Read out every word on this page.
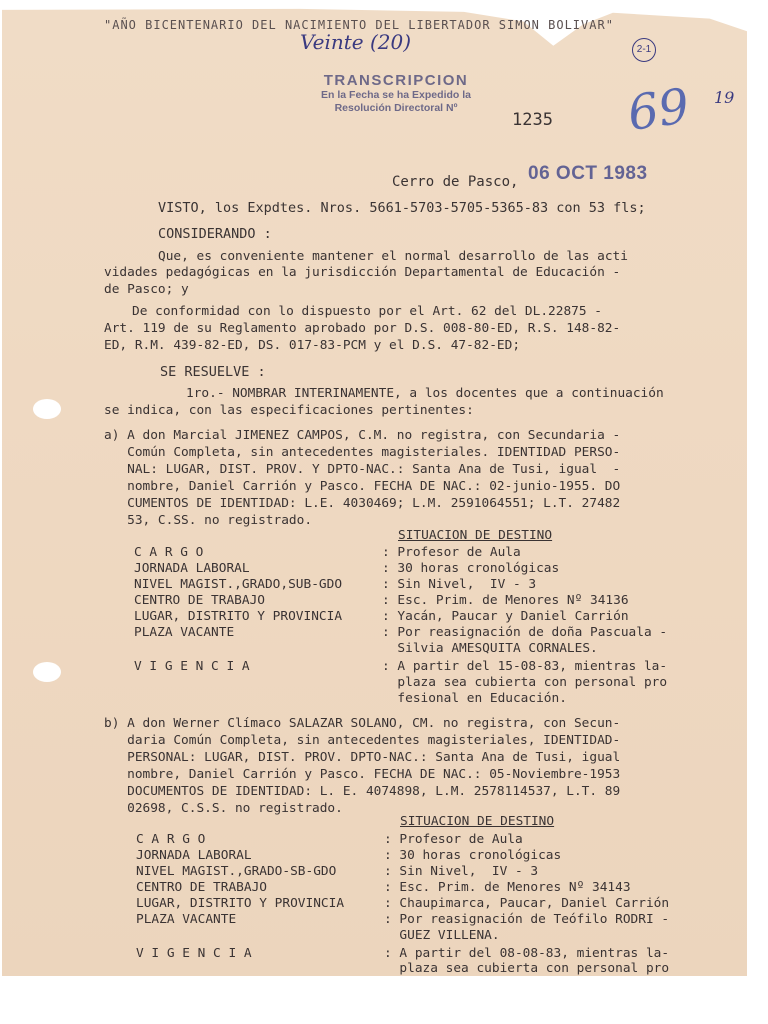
"AÑO BICENTENARIO DEL NACIMIENTO DEL LIBERTADOR SIMON BOLIVAR"
Veinte (20)	2-1
69 19
TRANSCRIPCION
En la Fecha se ha Expedido la
Resolución Directoral Nº
1235
Cerro de Pasco, 06 OCT 1983
VISTO, los Expdtes. Nros. 5661-5703-5705-5365-83 con 53 fls;
CONSIDERANDO :
Que, es conveniente mantener el normal desarrollo de las acti
vidades pedagógicas en la jurisdicción Departamental de Educación -
de Pasco; y
De conformidad con lo dispuesto por el Art. 62 del DL.22875 -
Art. 119 de su Reglamento aprobado por D.S. 008-80-ED, R.S. 148-82-
ED, R.M. 439-82-ED, DS. 017-83-PCM y el D.S. 47-82-ED;
SE RESUELVE :
1ro.- NOMBRAR INTERINAMENTE, a los docentes que a continuación
se indica, con las especificaciones pertinentes:
a) A don Marcial JIMENEZ CAMPOS, C.M. no registra, con Secundaria -
Común Completa, sin antecedentes magisteriales. IDENTIDAD PERSO-
NAL: LUGAR, DIST. PROV. Y DPTO-NAC.: Santa Ana de Tusi, igual  -
nombre, Daniel Carrión y Pasco. FECHA DE NAC.: 02-junio-1955. DO
CUMENTOS DE IDENTIDAD: L.E. 4030469; L.M. 2591064551; L.T. 27482
53, C.SS. no registrado.
SITUACION DE DESTINO
C A R G O
JORNADA LABORAL
NIVEL MAGIST.,GRADO,SUB-GDO
CENTRO DE TRABAJO
LUGAR, DISTRITO Y PROVINCIA
PLAZA VACANTE
V I G E N C I A
: Profesor de Aula
: 30 horas cronológicas
: Sin Nivel,  IV - 3
: Esc. Prim. de Menores Nº 34136
: Yacán, Paucar y Daniel Carrión
: Por reasignación de doña Pascuala -
Silvia AMESQUITA CORNALES.
: A partir del 15-08-83, mientras la-
plaza sea cubierta con personal pro
fesional en Educación.
b) A don Werner Clímaco SALAZAR SOLANO, CM. no registra, con Secun-
daria Común Completa, sin antecedentes magisteriales, IDENTIDAD-
PERSONAL: LUGAR, DIST. PROV. DPTO-NAC.: Santa Ana de Tusi, igual
nombre, Daniel Carrión y Pasco. FECHA DE NAC.: 05-Noviembre-1953
DOCUMENTOS DE IDENTIDAD: L. E. 4074898, L.M. 2578114537, L.T. 89
02698, C.S.S. no registrado.
SITUACION DE DESTINO
C A R G O
JORNADA LABORAL
NIVEL MAGIST.,GRADO-SB-GDO
CENTRO DE TRABAJO
LUGAR, DISTRITO Y PROVINCIA
PLAZA VACANTE
V I G E N C I A
: Profesor de Aula
: 30 horas cronológicas
: Sin Nivel,  IV - 3
: Esc. Prim. de Menores Nº 34143
: Chaupimarca, Paucar, Daniel Carrión
: Por reasignación de Teófilo RODRI -
GUEZ VILLENA.
: A partir del 08-08-83, mientras la-
plaza sea cubierta con personal pro
